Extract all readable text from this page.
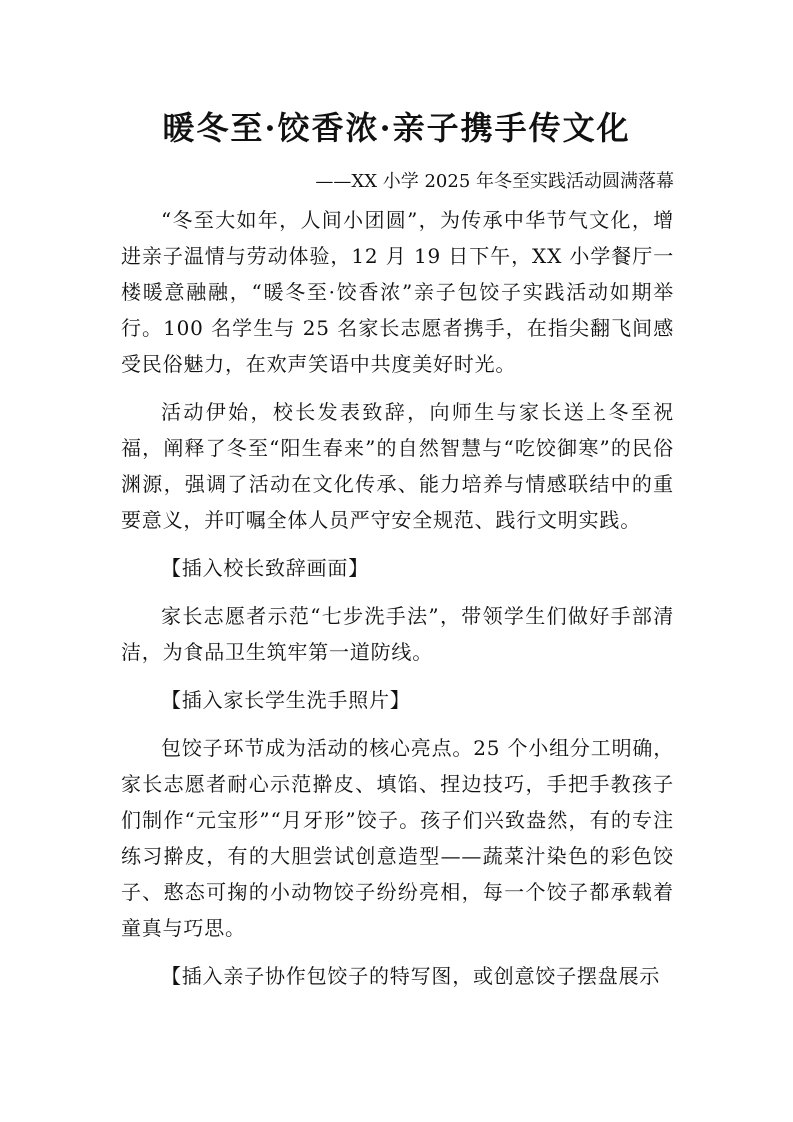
暖冬至·饺香浓·亲子携手传文化

——XX 小学 2025 年冬至实践活动圆满落幕

“冬至大如年，人间小团圆”，为传承中华节气文化，增进亲子温情与劳动体验，12 月 19 日下午，XX 小学餐厅一楼暖意融融，“暖冬至·饺香浓”亲子包饺子实践活动如期举行。100 名学生与 25 名家长志愿者携手，在指尖翻飞间感受民俗魅力，在欢声笑语中共度美好时光。

活动伊始，校长发表致辞，向师生与家长送上冬至祝福，阐释了冬至“阳生春来”的自然智慧与“吃饺御寒”的民俗渊源，强调了活动在文化传承、能力培养与情感联结中的重要意义，并叮嘱全体人员严守安全规范、践行文明实践。

【插入校长致辞画面】

家长志愿者示范“七步洗手法”，带领学生们做好手部清洁，为食品卫生筑牢第一道防线。

【插入家长学生洗手照片】

包饺子环节成为活动的核心亮点。25 个小组分工明确，家长志愿者耐心示范擀皮、填馅、捏边技巧，手把手教孩子们制作“元宝形”“月牙形”饺子。孩子们兴致盎然，有的专注练习擀皮，有的大胆尝试创意造型——蔬菜汁染色的彩色饺子、憨态可掬的小动物饺子纷纷亮相，每一个饺子都承载着童真与巧思。

【插入亲子协作包饺子的特写图，或创意饺子摆盘展示
